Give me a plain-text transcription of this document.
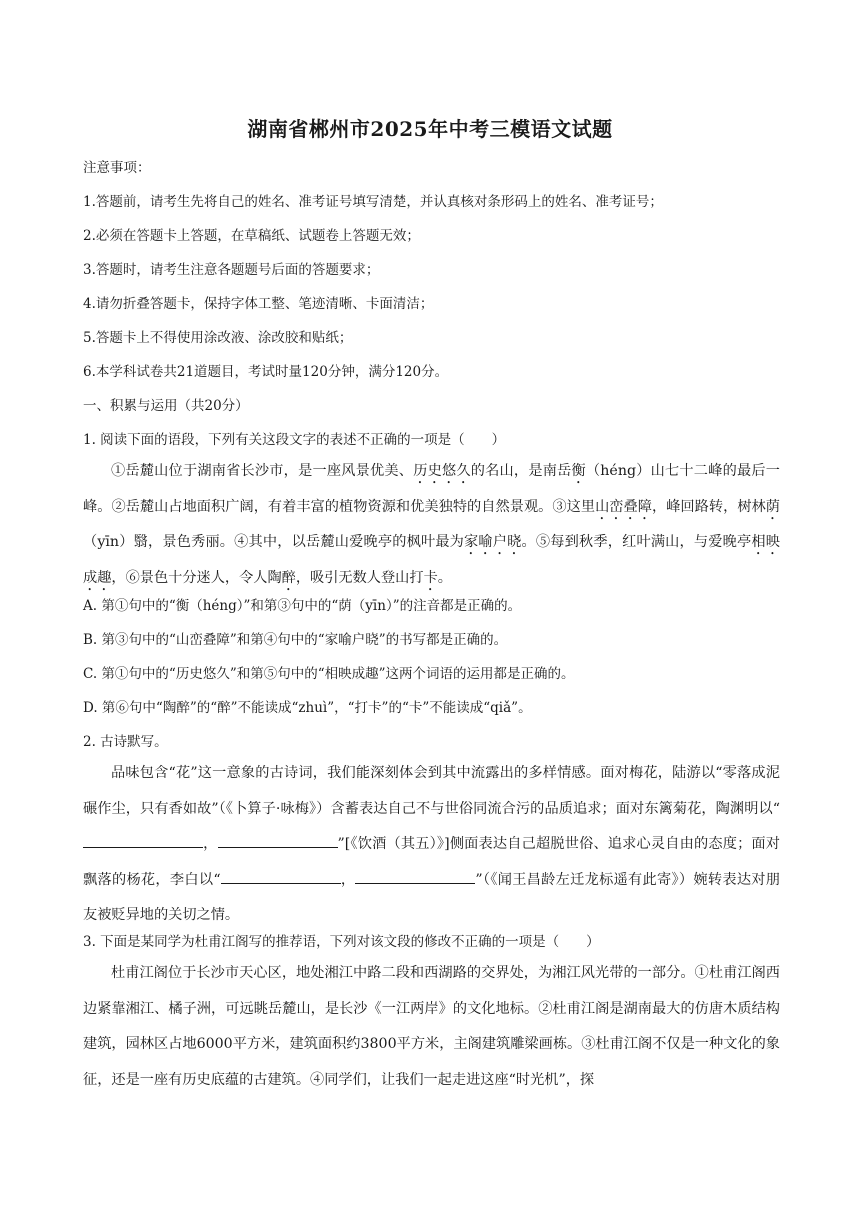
湖南省郴州市2025年中考三模语文试题
注意事项：
1.答题前，请考生先将自己的姓名、准考证号填写清楚，并认真核对条形码上的姓名、准考证号；
2.必须在答题卡上答题，在草稿纸、试题卷上答题无效；
3.答题时，请考生注意各题题号后面的答题要求；
4.请勿折叠答题卡，保持字体工整、笔迹清晰、卡面清洁；
5.答题卡上不得使用涂改液、涂改胶和贴纸；
6.本学科试卷共21道题目，考试时量120分钟，满分120分。
一、积累与运用（共20分）
1. 阅读下面的语段，下列有关这段文字的表述不正确的一项是（　　）
①岳麓山位于湖南省长沙市，是一座风景优美、历史悠久的名山，是南岳衡（héng）山七十二峰的最后一峰。②岳麓山占地面积广阔，有着丰富的植物资源和优美独特的自然景观。③这里山峦叠障，峰回路转，树林荫（yīn）翳，景色秀丽。④其中，以岳麓山爱晚亭的枫叶最为家喻户晓。⑤每到秋季，红叶满山，与爱晚亭相映成趣，⑥景色十分迷人，令人陶醉，吸引无数人登山打卡。
A. 第①句中的“衡（héng）”和第③句中的“荫（yīn）”的注音都是正确的。
B. 第③句中的“山峦叠障”和第④句中的“家喻户晓”的书写都是正确的。
C. 第①句中的“历史悠久”和第⑤句中的“相映成趣”这两个词语的运用都是正确的。
D. 第⑥句中“陶醉”的“醉”不能读成“zhuì”，“打卡”的“卡”不能读成“qiǎ”。
2. 古诗默写。
品味包含“花”这一意象的古诗词，我们能深刻体会到其中流露出的多样情感。面对梅花，陆游以“零落成泥碾作尘，只有香如故”（《卜算子·咏梅》）含蓄表达自己不与世俗同流合污的品质追求；面对东篱菊花，陶渊明以“，	”[《饮酒（其五）》]侧面表达自己超脱世俗、追求心灵自由的态度；面对飘落的杨花，李白以“	，	”（《闻王昌龄左迁龙标遥有此寄》）婉转表达对朋友被贬异地的关切之情。
3. 下面是某同学为杜甫江阁写的推荐语，下列对该文段的修改不正确的一项是（　　）
杜甫江阁位于长沙市天心区，地处湘江中路二段和西湖路的交界处，为湘江风光带的一部分。①杜甫江阁西边紧靠湘江、橘子洲，可远眺岳麓山，是长沙《一江两岸》的文化地标。②杜甫江阁是湖南最大的仿唐木质结构建筑，园林区占地6000平方米，建筑面积约3800平方米，主阁建筑雕梁画栋。③杜甫江阁不仅是一种文化的象征，还是一座有历史底蕴的古建筑。④同学们，让我们一起走进这座“时光机”，探
